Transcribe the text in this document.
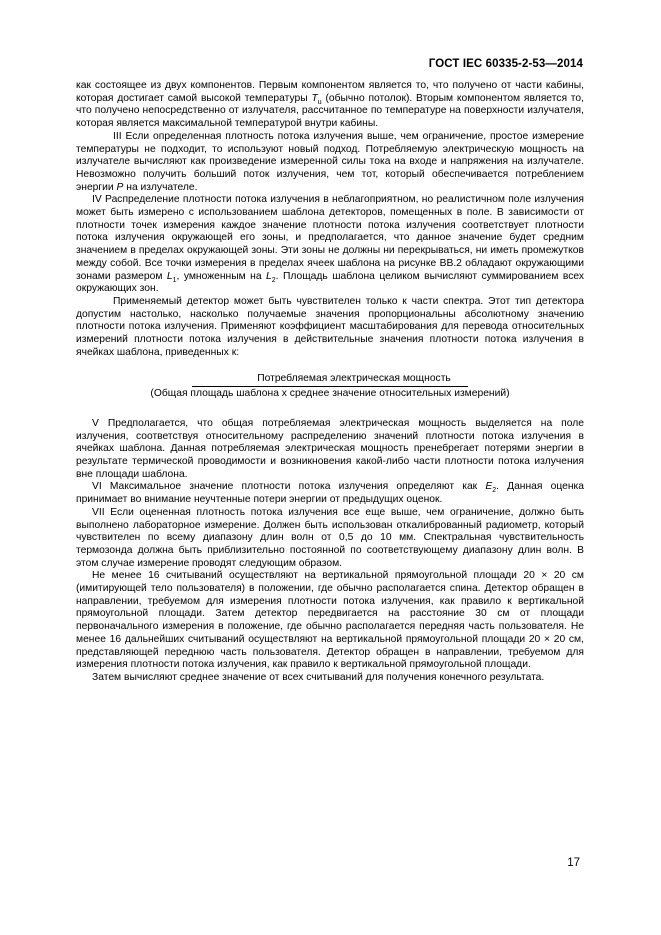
ГОСТ IEC 60335-2-53—2014

как состоящее из двух компонентов. Первым компонентом является то, что получено от части кабины, которая достигает самой высокой температуры $T_u$ (обычно потолок). Вторым компонентом является то, что получено непосредственно от излучателя, рассчитанное по температуре на поверхности излучателя, которая является максимальной температурой внутри кабины.

III Если определенная плотность потока излучения выше, чем ограничение, простое измерение температуры не подходит, то используют новый подход. Потребляемую электрическую мощность на излучателе вычисляют как произведение измеренной силы тока на входе и напряжения на излучателе. Невозможно получить больший поток излучения, чем тот, который обеспечивается потреблением энергии P на излучателе.

IV Распределение плотности потока излучения в неблагоприятном, но реалистичном поле излучения может быть измерено с использованием шаблона детекторов, помещенных в поле. В зависимости от плотности точек измерения каждое значение плотности потока излучения соответствует плотности потока излучения окружающей его зоны, и предполагается, что данное значение будет средним значением в пределах окружающей зоны. Эти зоны не должны ни перекрываться, ни иметь промежутков между собой. Все точки измерения в пределах ячеек шаблона на рисунке ВВ.2 обладают окружающими зонами размером $L_1$, умноженным на $L_2$. Площадь шаблона целиком вычисляют суммированием всех окружающих зон.

Применяемый детектор может быть чувствителен только к части спектра. Этот тип детектора допустим настолько, насколько получаемые значения пропорциональны абсолютному значению плотности потока излучения. Применяют коэффициент масштабирования для перевода относительных измерений плотности потока излучения в действительные значения плотности потока излучения в ячейках шаблона, приведенных к:

Потребляемая электрическая мощность
(Общая площадь шаблона х среднее значение относительных измерений)

V Предполагается, что общая потребляемая электрическая мощность выделяется на поле излучения, соответствуя относительному распределению значений плотности потока излучения в ячейках шаблона. Данная потребляемая электрическая мощность пренебрегает потерями энергии в результате термической проводимости и возникновения какой-либо части плотности потока излучения вне площади шаблона.

VI Максимальное значение плотности потока излучения определяют как $E_2$. Данная оценка принимает во внимание неучтенные потери энергии от предыдущих оценок.

VII Если оцененная плотность потока излучения все еще выше, чем ограничение, должно быть выполнено лабораторное измерение. Должен быть использован откалиброванный радиометр, который чувствителен по всему диапазону длин волн от 0,5 до 10 мм. Спектральная чувствительность термозонда должна быть приблизительно постоянной по соответствующему диапазону длин волн. В этом случае измерение проводят следующим образом.

Не менее 16 считываний осуществляют на вертикальной прямоугольной площади 20 × 20 см (имитирующей тело пользователя) в положении, где обычно располагается спина. Детектор обращен в направлении, требуемом для измерения плотности потока излучения, как правило к вертикальной прямоугольной площади. Затем детектор передвигается на расстояние 30 см от площади первоначального измерения в положение, где обычно располагается передняя часть пользователя. Не менее 16 дальнейших считываний осуществляют на вертикальной прямоугольной площади 20 × 20 см, представляющей переднюю часть пользователя. Детектор обращен в направлении, требуемом для измерения плотности потока излучения, как правило к вертикальной прямоугольной площади.

Затем вычисляют среднее значение от всех считываний для получения конечного результата.

17
